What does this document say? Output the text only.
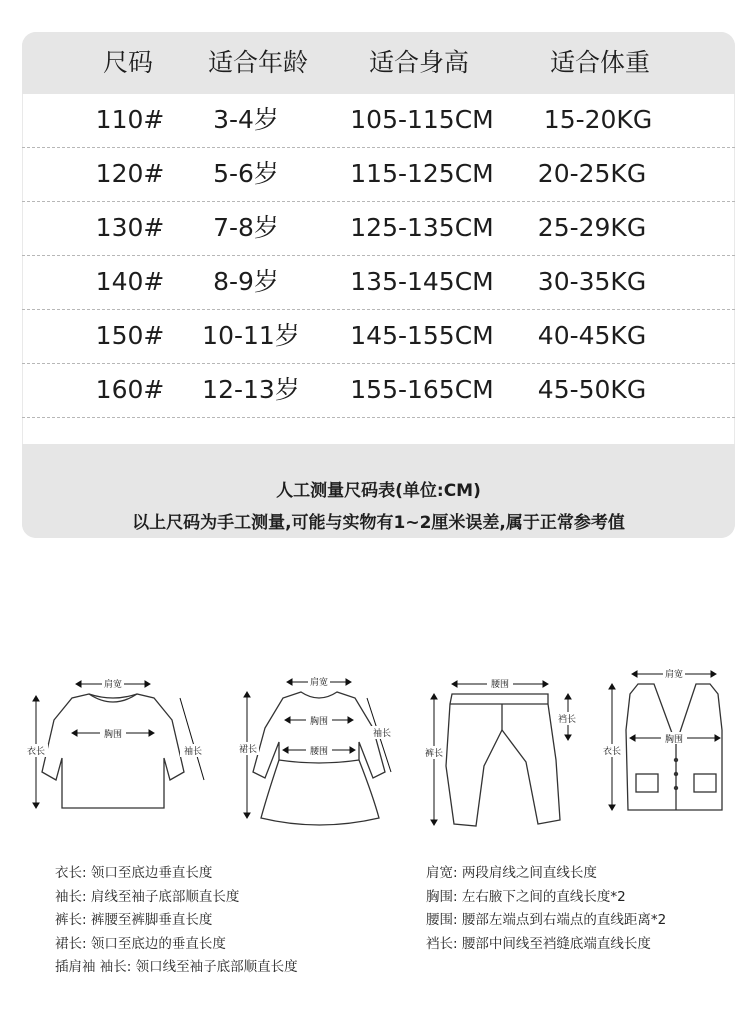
尺码 适合年龄 适合身高	适合体重
110# 3-4岁	105-115CM 15-20KG
120# 5-6岁	115-125CM 20-25KG
130# 7-8岁	125-135CM 25-29KG
140# 8-9岁	135-145CM 30-35KG
150# 10-11岁 145-155CM 40-45KG
160# 12-13岁 155-165CM 45-50KG
人工测量尺码表(单位:CM)
以上尺码为手工测量,可能与实物有1~2厘米误差,属于正常参考值
肩宽
胸围
衣长	袖长
肩宽
胸围
腰围
裙长
袖长
腰围
裆长
裤长
肩宽
胸围
衣长
衣长: 领口至底边垂直长度
袖长: 肩线至袖子底部顺直长度
裤长: 裤腰至裤脚垂直长度
裙长: 领口至底边的垂直长度
插肩袖 袖长: 领口线至袖子底部顺直长度
肩宽: 两段肩线之间直线长度
胸围: 左右腋下之间的直线长度*2
腰围: 腰部左端点到右端点的直线距离*2
裆长: 腰部中间线至裆缝底端直线长度
